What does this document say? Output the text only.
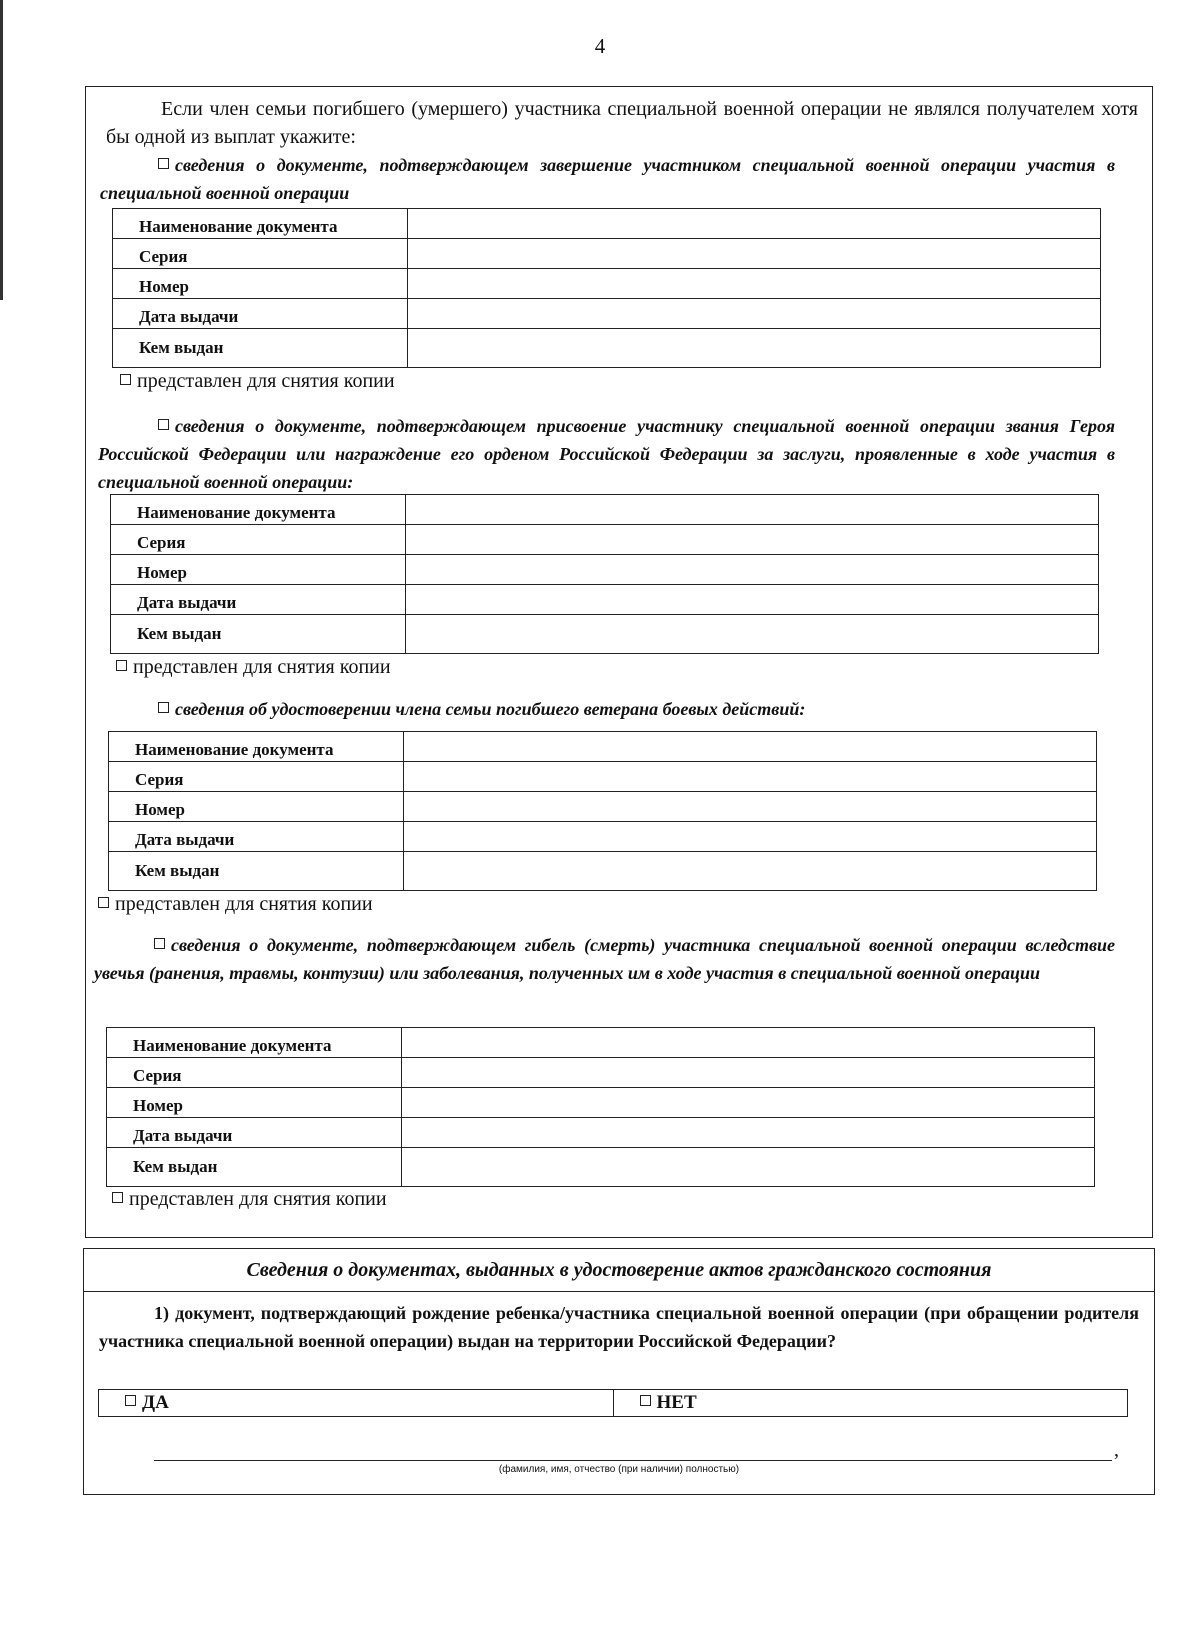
4
Если член семьи погибшего (умершего) участника специальной военной операции не являлся получателем хотя бы одной из выплат укажите:
сведения о документе, подтверждающем завершение участником специальной военной операции участия в специальной военной операции
Наименование документа	
Серия	
Номер	
Дата выдачи	
Кем выдан	
представлен для снятия копии
сведения о документе, подтверждающем присвоение участнику специальной военной операции звания Героя Российской Федерации или награждение его орденом Российской Федерации за заслуги, проявленные в ходе участия в специальной военной операции:
Наименование документа	
Серия	
Номер	
Дата выдачи	
Кем выдан	
представлен для снятия копии
сведения об удостоверении члена семьи погибшего ветерана боевых действий:
Наименование документа	
Серия	
Номер	
Дата выдачи	
Кем выдан	
представлен для снятия копии
сведения о документе, подтверждающем гибель (смерть) участника специальной военной операции вследствие увечья (ранения, травмы, контузии) или заболевания, полученных им в ходе участия в специальной военной операции
Наименование документа	
Серия	
Номер	
Дата выдачи	
Кем выдан	
представлен для снятия копии
Сведения о документах, выданных в удостоверение актов гражданского состояния
1) документ, подтверждающий рождение ребенка/участника специальной военной операции (при обращении родителя участника специальной военной операции) выдан на территории Российской Федерации?
ДА	НЕТ
,
(фамилия, имя, отчество (при наличии) полностью)
